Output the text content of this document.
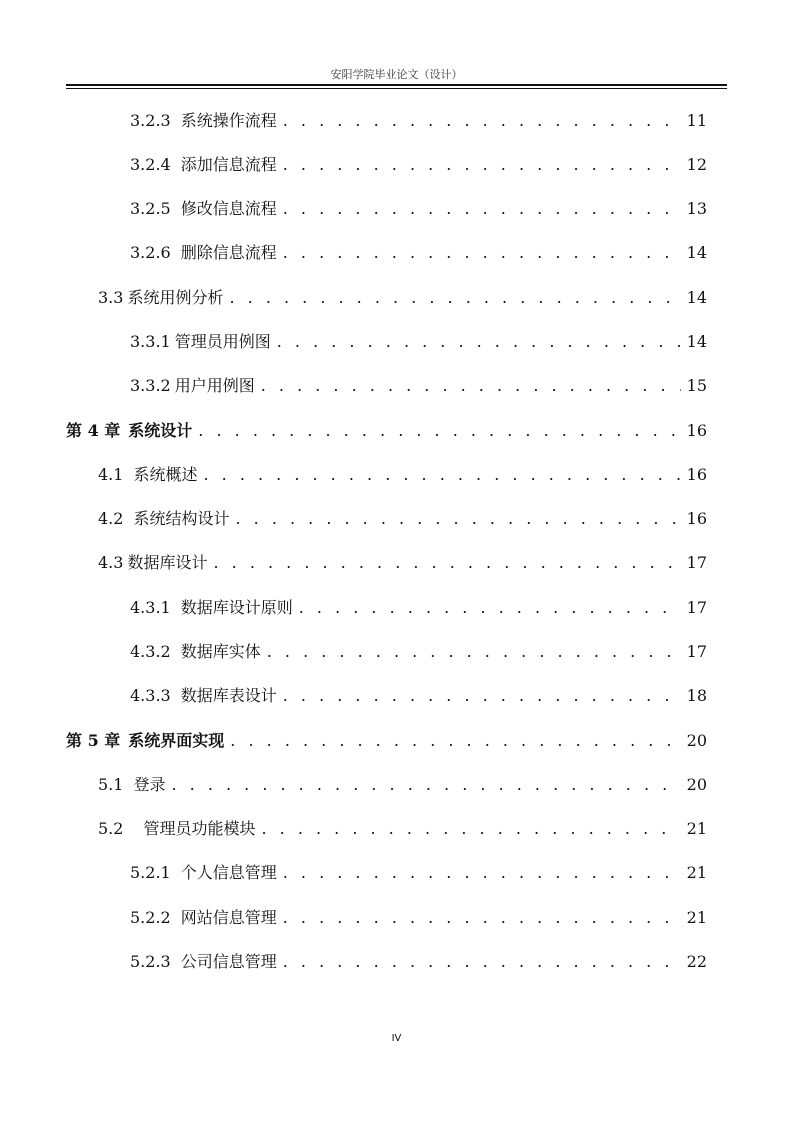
安阳学院毕业论文（设计）
3.2.3 系统操作流程 . . .	11
3.2.4 添加信息流程 . . .	12
3.2.5 修改信息流程 . . .	13
3.2.6 删除信息流程 . . .	14
3.3 系统用例分析 . . .	14
3.3.1 管理员用例图 . . .	14
3.3.2 用户用例图 . . .	15
第 4 章 系统设计 . . .	16
4.1 系统概述 . . .	16
4.2 系统结构设计 . . .	16
4.3 数据库设计 . . .	17
4.3.1 数据库设计原则 . . .	17
4.3.2 数据库实体 . . .	17
4.3.3 数据库表设计 . . .	18
第 5 章 系统界面实现 . . .	20
5.1 登录 . . .	20
5.2 管理员功能模块 . . .	21
5.2.1 个人信息管理 . . .	21
5.2.2 网站信息管理 . . .	21
5.2.3 公司信息管理 . . .	22
IV
